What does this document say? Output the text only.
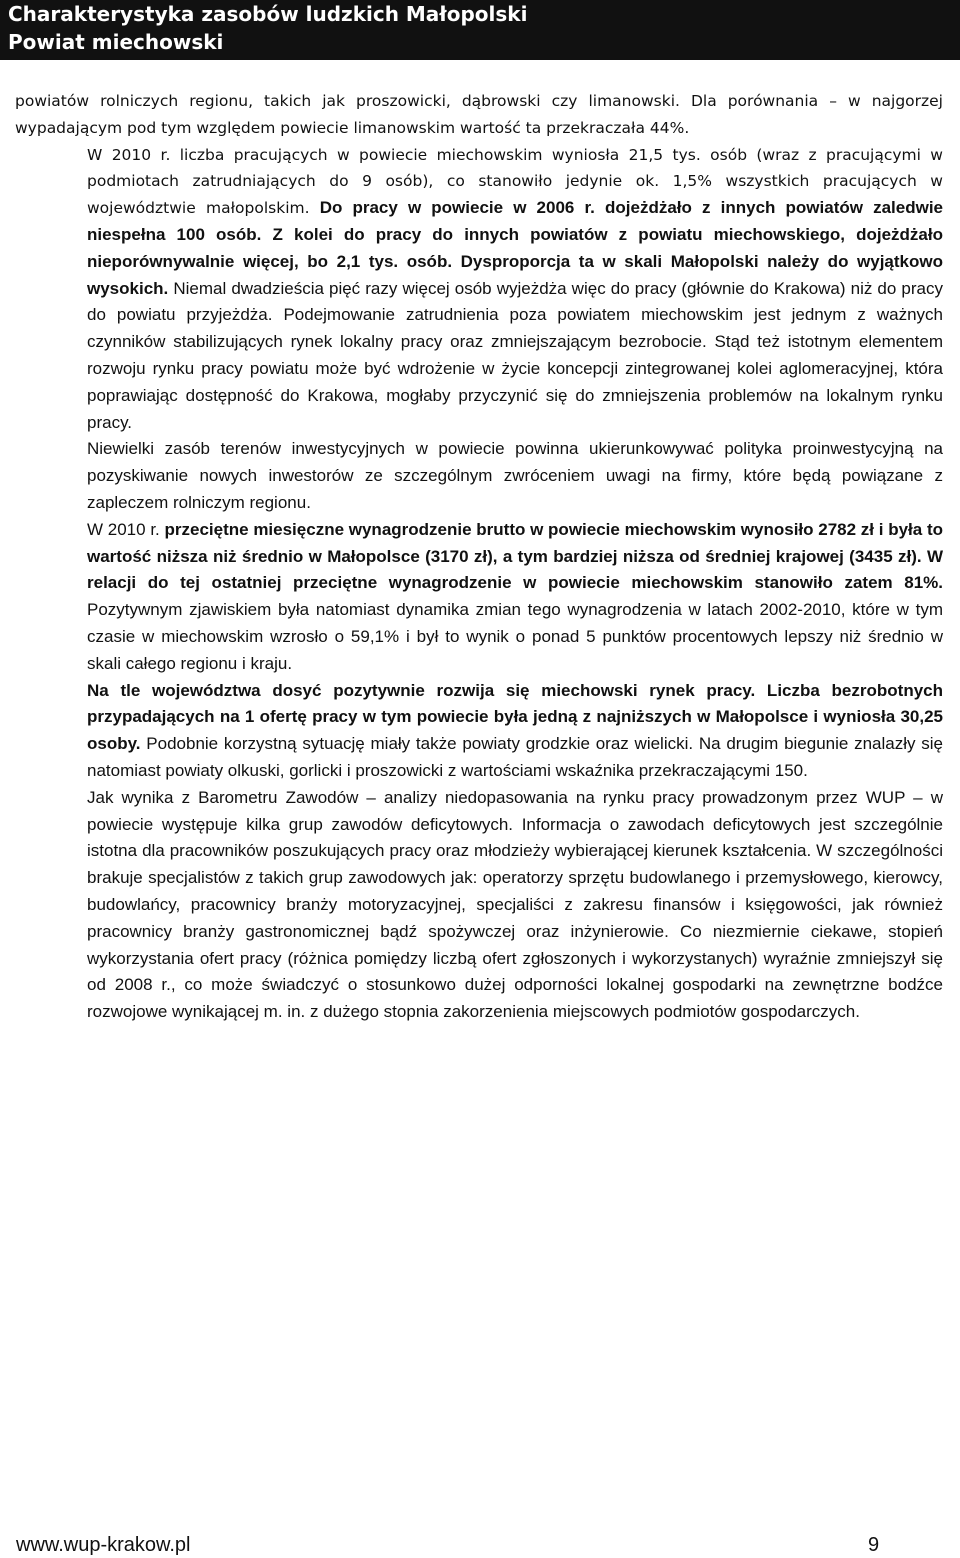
Charakterystyka zasobów ludzkich Małopolski
Powiat miechowski

powiatów rolniczych regionu, takich jak proszowicki, dąbrowski czy limanowski. Dla porównania – w najgorzej wypadającym pod tym względem powiecie limanowskim wartość ta przekraczała 44%.

W 2010 r. liczba pracujących w powiecie miechowskim wyniosła 21,5 tys. osób (wraz z pracującymi w podmiotach zatrudniających do 9 osób), co stanowiło jedynie ok. 1,5% wszystkich pracujących w województwie małopolskim. Do pracy w powiecie w 2006 r. dojeżdżało z innych powiatów zaledwie niespełna 100 osób. Z kolei do pracy do innych powiatów z powiatu miechowskiego, dojeżdżało nieporównywalnie więcej, bo 2,1 tys. osób. Dysproporcja ta w skali Małopolski należy do wyjątkowo wysokich. Niemal dwadzieścia pięć razy więcej osób wyjeżdża więc do pracy (głównie do Krakowa) niż do pracy do powiatu przyjeżdża. Podejmowanie zatrudnienia poza powiatem miechowskim jest jednym z ważnych czynników stabilizujących rynek lokalny pracy oraz zmniejszającym bezrobocie. Stąd też istotnym elementem rozwoju rynku pracy powiatu może być wdrożenie w życie koncepcji zintegrowanej kolei aglomeracyjnej, która poprawiając dostępność do Krakowa, mogłaby przyczynić się do zmniejszenia problemów na lokalnym rynku pracy.

Niewielki zasób terenów inwestycyjnych w powiecie powinna ukierunkowywać polityka proinwestycyjną na pozyskiwanie nowych inwestorów ze szczególnym zwróceniem uwagi na firmy, które będą powiązane z zapleczem rolniczym regionu.

W 2010 r. przeciętne miesięczne wynagrodzenie brutto w powiecie miechowskim wynosiło 2782 zł i była to wartość niższa niż średnio w Małopolsce (3170 zł), a tym bardziej niższa od średniej krajowej (3435 zł). W relacji do tej ostatniej przeciętne wynagrodzenie w powiecie miechowskim stanowiło zatem 81%. Pozytywnym zjawiskiem była natomiast dynamika zmian tego wynagrodzenia w latach 2002-2010, które w tym czasie w miechowskim wzrosło o 59,1% i był to wynik o ponad 5 punktów procentowych lepszy niż średnio w skali całego regionu i kraju.

Na tle województwa dosyć pozytywnie rozwija się miechowski rynek pracy. Liczba bezrobotnych przypadających na 1 ofertę pracy w tym powiecie była jedną z najniższych w Małopolsce i wyniosła 30,25 osoby. Podobnie korzystną sytuację miały także powiaty grodzkie oraz wielicki. Na drugim biegunie znalazły się natomiast powiaty olkuski, gorlicki i proszowicki z wartościami wskaźnika przekraczającymi 150.

Jak wynika z Barometru Zawodów – analizy niedopasowania na rynku pracy prowadzonym przez WUP – w powiecie występuje kilka grup zawodów deficytowych. Informacja o zawodach deficytowych jest szczególnie istotna dla pracowników poszukujących pracy oraz młodzieży wybierającej kierunek kształcenia. W szczególności brakuje specjalistów z takich grup zawodowych jak: operatorzy sprzętu budowlanego i przemysłowego, kierowcy, budowlańcy, pracownicy branży motoryzacyjnej, specjaliści z zakresu finansów i księgowości, jak również pracownicy branży gastronomicznej bądź spożywczej oraz inżynierowie. Co niezmiernie ciekawe, stopień wykorzystania ofert pracy (różnica pomiędzy liczbą ofert zgłoszonych i wykorzystanych) wyraźnie zmniejszył się od 2008 r., co może świadczyć o stosunkowo dużej odporności lokalnej gospodarki na zewnętrzne bodźce rozwojowe wynikającej m. in. z dużego stopnia zakorzenienia miejscowych podmiotów gospodarczych.

www.wup-krakow.pl	9
